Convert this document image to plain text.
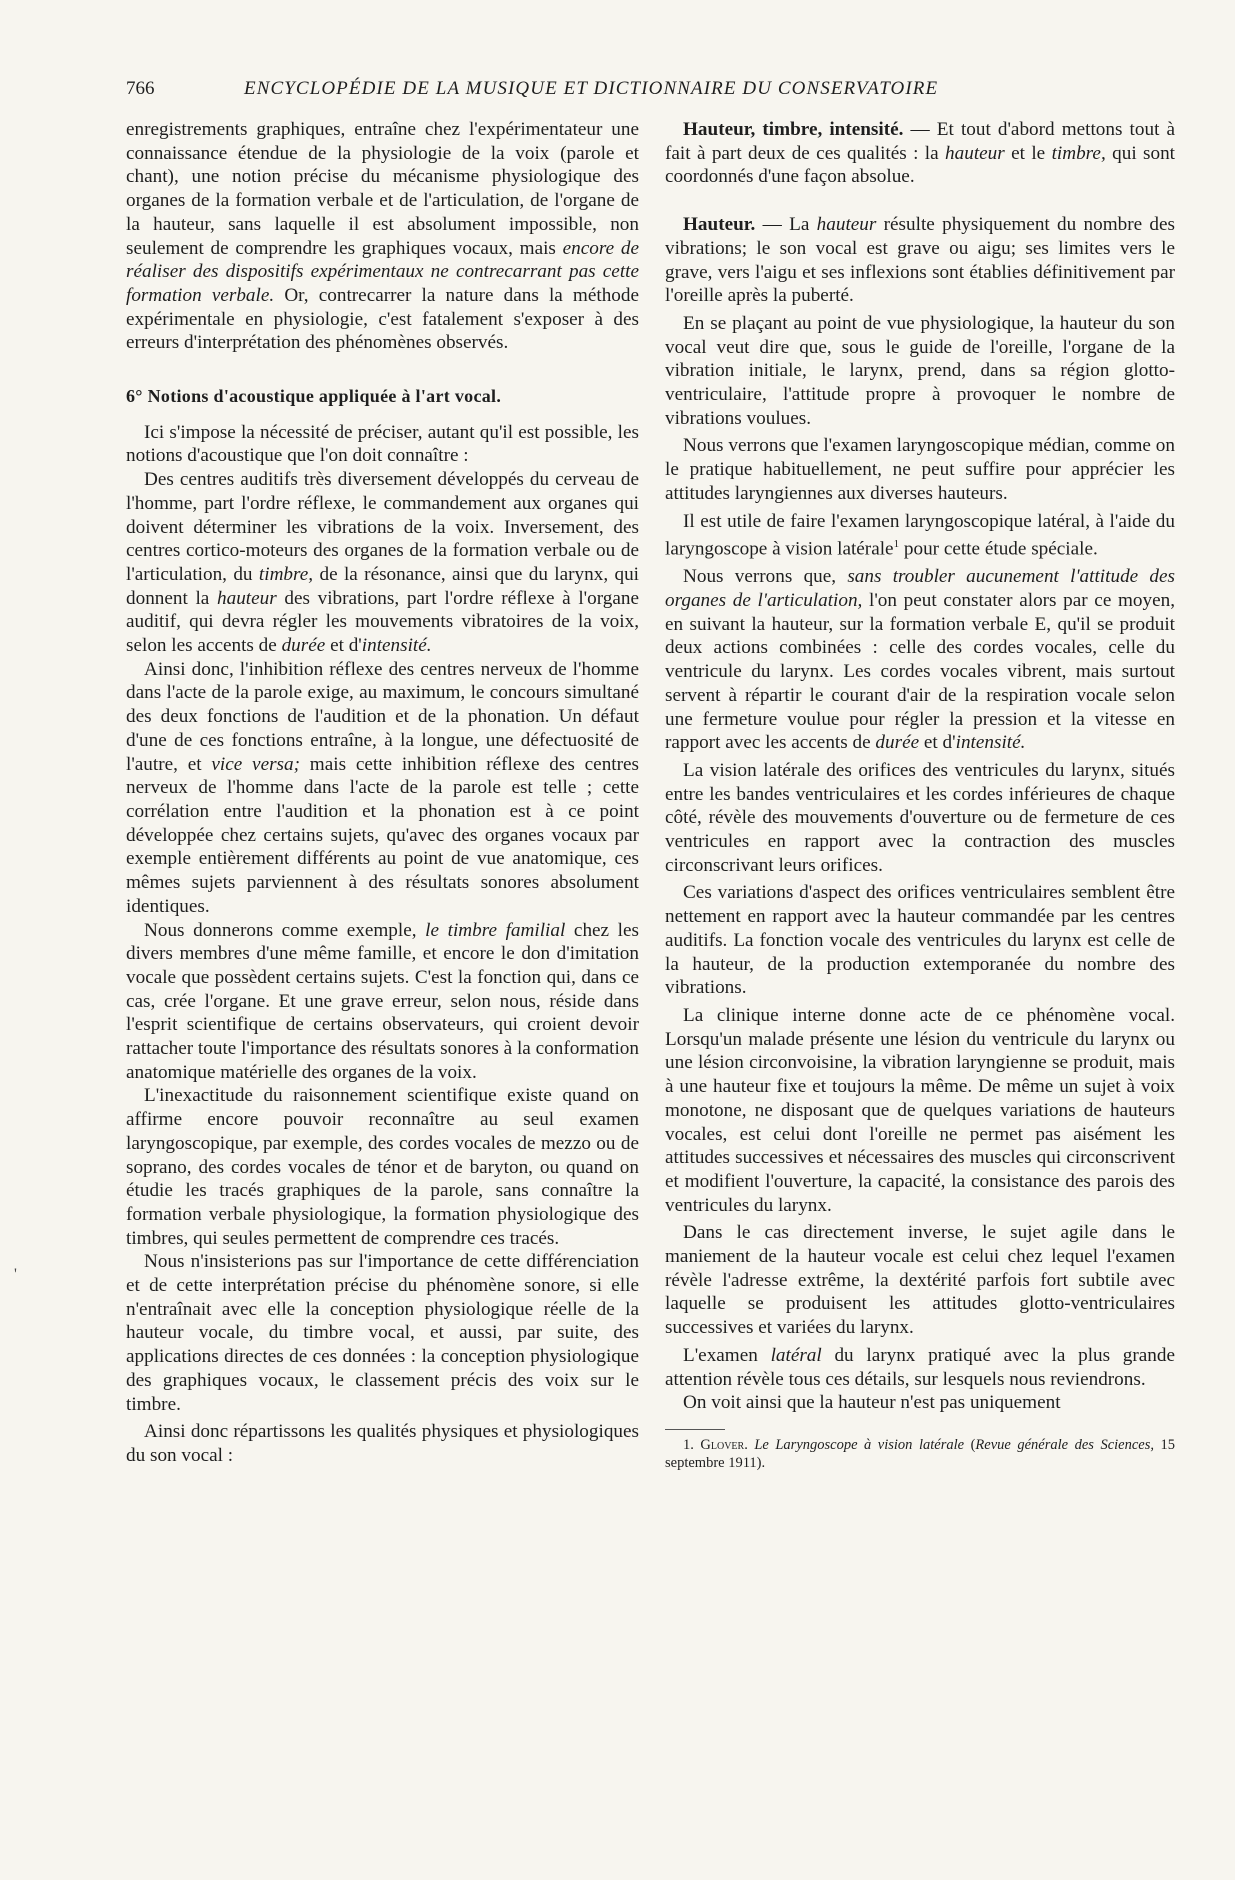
766	ENCYCLOPÉDIE DE LA MUSIQUE ET DICTIONNAIRE DU CONSERVATOIRE
'

enregistrements graphiques, entraîne chez l'expérimentateur une connaissance étendue de la physiologie de la voix (parole et chant), une notion précise du mécanisme physiologique des organes de la formation verbale et de l'articulation, de l'organe de la hauteur, sans laquelle il est absolument impossible, non seulement de comprendre les graphiques vocaux, mais encore de réaliser des dispositifs expérimentaux ne contrecarrant pas cette formation verbale. Or, contrecarrer la nature dans la méthode expérimentale en physiologie, c'est fatalement s'exposer à des erreurs d'interprétation des phénomènes observés.

6° Notions d'acoustique appliquée à l'art vocal.

Ici s'impose la nécessité de préciser, autant qu'il est possible, les notions d'acoustique que l'on doit connaître :

Des centres auditifs très diversement développés du cerveau de l'homme, part l'ordre réflexe, le commandement aux organes qui doivent déterminer les vibrations de la voix. Inversement, des centres cortico-moteurs des organes de la formation verbale ou de l'articulation, du timbre, de la résonance, ainsi que du larynx, qui donnent la hauteur des vibrations, part l'ordre réflexe à l'organe auditif, qui devra régler les mouvements vibratoires de la voix, selon les accents de durée et d'intensité.

Ainsi donc, l'inhibition réflexe des centres nerveux de l'homme dans l'acte de la parole exige, au maximum, le concours simultané des deux fonctions de l'audition et de la phonation. Un défaut d'une de ces fonctions entraîne, à la longue, une défectuosité de l'autre, et vice versa; mais cette inhibition réflexe des centres nerveux de l'homme dans l'acte de la parole est telle ; cette corrélation entre l'audition et la phonation est à ce point développée chez certains sujets, qu'avec des organes vocaux par exemple entièrement différents au point de vue anatomique, ces mêmes sujets parviennent à des résultats sonores absolument identiques.

Nous donnerons comme exemple, le timbre familial chez les divers membres d'une même famille, et encore le don d'imitation vocale que possèdent certains sujets. C'est la fonction qui, dans ce cas, crée l'organe. Et une grave erreur, selon nous, réside dans l'esprit scientifique de certains observateurs, qui croient devoir rattacher toute l'importance des résultats sonores à la conformation anatomique matérielle des organes de la voix.

L'inexactitude du raisonnement scientifique existe quand on affirme encore pouvoir reconnaître au seul examen laryngoscopique, par exemple, des cordes vocales de mezzo ou de soprano, des cordes vocales de ténor et de baryton, ou quand on étudie les tracés graphiques de la parole, sans connaître la formation verbale physiologique, la formation physiologique des timbres, qui seules permettent de comprendre ces tracés.

Nous n'insisterions pas sur l'importance de cette différenciation et de cette interprétation précise du phénomène sonore, si elle n'entraînait avec elle la conception physiologique réelle de la hauteur vocale, du timbre vocal, et aussi, par suite, des applications directes de ces données : la conception physiologique des graphiques vocaux, le classement précis des voix sur le timbre.

Ainsi donc répartissons les qualités physiques et physiologiques du son vocal :

Hauteur, timbre, intensité. — Et tout d'abord mettons tout à fait à part deux de ces qualités : la hauteur et le timbre, qui sont coordonnés d'une façon absolue.

Hauteur. — La hauteur résulte physiquement du nombre des vibrations; le son vocal est grave ou aigu; ses limites vers le grave, vers l'aigu et ses inflexions sont établies définitivement par l'oreille après la puberté.

En se plaçant au point de vue physiologique, la hauteur du son vocal veut dire que, sous le guide de l'oreille, l'organe de la vibration initiale, le larynx, prend, dans sa région glotto-ventriculaire, l'attitude propre à provoquer le nombre de vibrations voulues.

Nous verrons que l'examen laryngoscopique médian, comme on le pratique habituellement, ne peut suffire pour apprécier les attitudes laryngiennes aux diverses hauteurs.

Il est utile de faire l'examen laryngoscopique latéral, à l'aide du laryngoscope à vision latérale$^1$ pour cette étude spéciale.

Nous verrons que, sans troubler aucunement l'attitude des organes de l'articulation, l'on peut constater alors par ce moyen, en suivant la hauteur, sur la formation verbale E, qu'il se produit deux actions combinées : celle des cordes vocales, celle du ventricule du larynx. Les cordes vocales vibrent, mais surtout servent à répartir le courant d'air de la respiration vocale selon une fermeture voulue pour régler la pression et la vitesse en rapport avec les accents de durée et d'intensité.

La vision latérale des orifices des ventricules du larynx, situés entre les bandes ventriculaires et les cordes inférieures de chaque côté, révèle des mouvements d'ouverture ou de fermeture de ces ventricules en rapport avec la contraction des muscles circonscrivant leurs orifices.

Ces variations d'aspect des orifices ventriculaires semblent être nettement en rapport avec la hauteur commandée par les centres auditifs. La fonction vocale des ventricules du larynx est celle de la hauteur, de la production extemporanée du nombre des vibrations.

La clinique interne donne acte de ce phénomène vocal. Lorsqu'un malade présente une lésion du ventricule du larynx ou une lésion circonvoisine, la vibration laryngienne se produit, mais à une hauteur fixe et toujours la même. De même un sujet à voix monotone, ne disposant que de quelques variations de hauteurs vocales, est celui dont l'oreille ne permet pas aisément les attitudes successives et nécessaires des muscles qui circonscrivent et modifient l'ouverture, la capacité, la consistance des parois des ventricules du larynx.

Dans le cas directement inverse, le sujet agile dans le maniement de la hauteur vocale est celui chez lequel l'examen révèle l'adresse extrême, la dextérité parfois fort subtile avec laquelle se produisent les attitudes glotto-ventriculaires successives et variées du larynx.

L'examen latéral du larynx pratiqué avec la plus grande attention révèle tous ces détails, sur lesquels nous reviendrons.

On voit ainsi que la hauteur n'est pas uniquement

1. Glover. Le Laryngoscope à vision latérale (Revue générale des Sciences, 15 septembre 1911).
